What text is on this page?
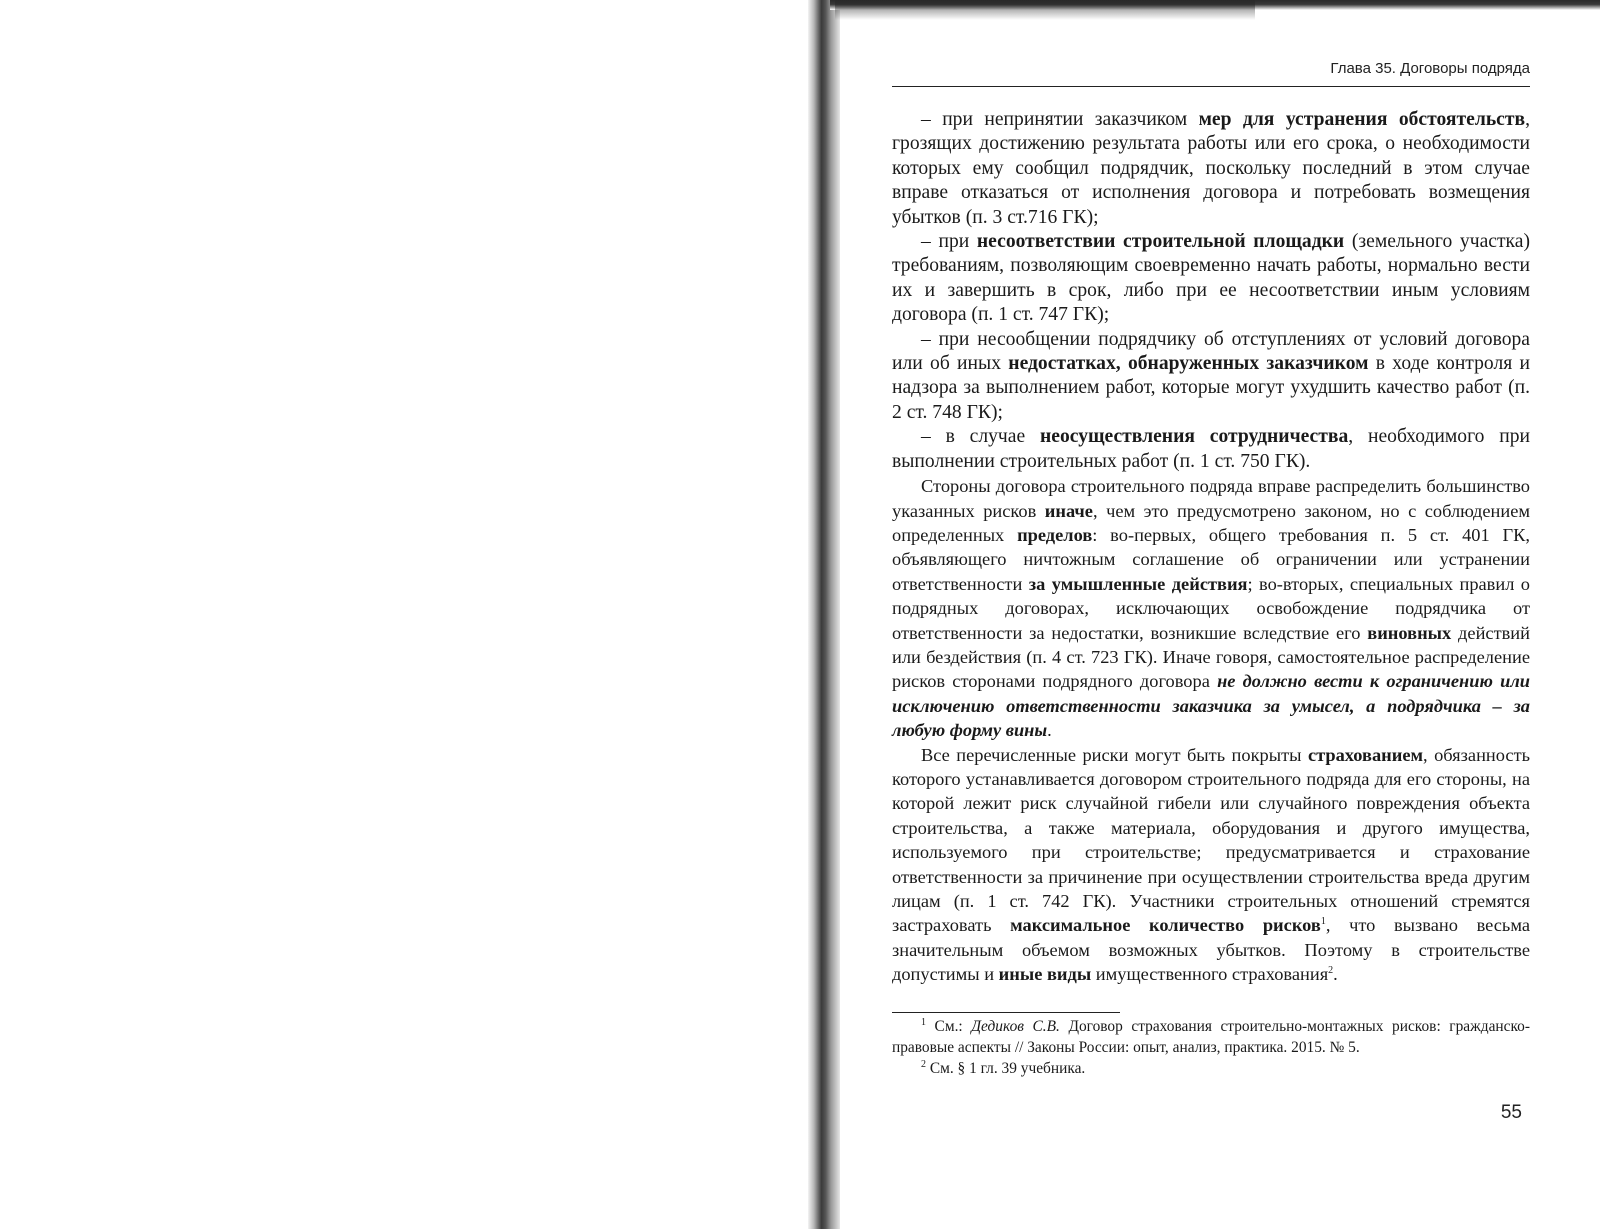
Глава 35. Договоры подряда

– при непринятии заказчиком мер для устранения обстоятельств, грозящих достижению результата работы или его срока, о необходимости которых ему сообщил подрядчик, поскольку последний в этом случае вправе отказаться от исполнения договора и потребовать возмещения убытков (п. 3 ст.716 ГК);

– при несоответствии строительной площадки (земельного участка) требованиям, позволяющим своевременно начать работы, нормально вести их и завершить в срок, либо при ее несоответствии иным условиям договора (п. 1 ст. 747 ГК);

– при несообщении подрядчику об отступлениях от условий договора или об иных недостатках, обнаруженных заказчиком в ходе контроля и надзора за выполнением работ, которые могут ухудшить качество работ (п. 2 ст. 748 ГК);

– в случае неосуществления сотрудничества, необходимого при выполнении строительных работ (п. 1 ст. 750 ГК).

Стороны договора строительного подряда вправе распределить большинство указанных рисков иначе, чем это предусмотрено законом, но с соблюдением определенных пределов: во-первых, общего требования п. 5 ст. 401 ГК, объявляющего ничтожным соглашение об ограничении или устранении ответственности за умышленные действия; во-вторых, специальных правил о подрядных договорах, исключающих освобождение подрядчика от ответственности за недостатки, возникшие вследствие его виновных действий или бездействия (п. 4 ст. 723 ГК). Иначе говоря, самостоятельное распределение рисков сторонами подрядного договора не должно вести к ограничению или исключению ответственности заказчика за умысел, а подрядчика – за любую форму вины.

Все перечисленные риски могут быть покрыты страхованием, обязанность которого устанавливается договором строительного подряда для его стороны, на которой лежит риск случайной гибели или случайного повреждения объекта строительства, а также материала, оборудования и другого имущества, используемого при строительстве; предусматривается и страхование ответственности за причинение при осуществлении строительства вреда другим лицам (п. 1 ст. 742 ГК). Участники строительных отношений стремятся застраховать максимальное количество рисков$^1$, что вызвано весьма значительным объемом возможных убытков. Поэтому в строительстве допустимы и иные виды имущественного страхования$^2$.

$^1$ См.: Дедиков С.В. Договор страхования строительно-монтажных рисков: гражданско-правовые аспекты // Законы России: опыт, анализ, практика. 2015. № 5.

$^2$ См. § 1 гл. 39 учебника.

55
